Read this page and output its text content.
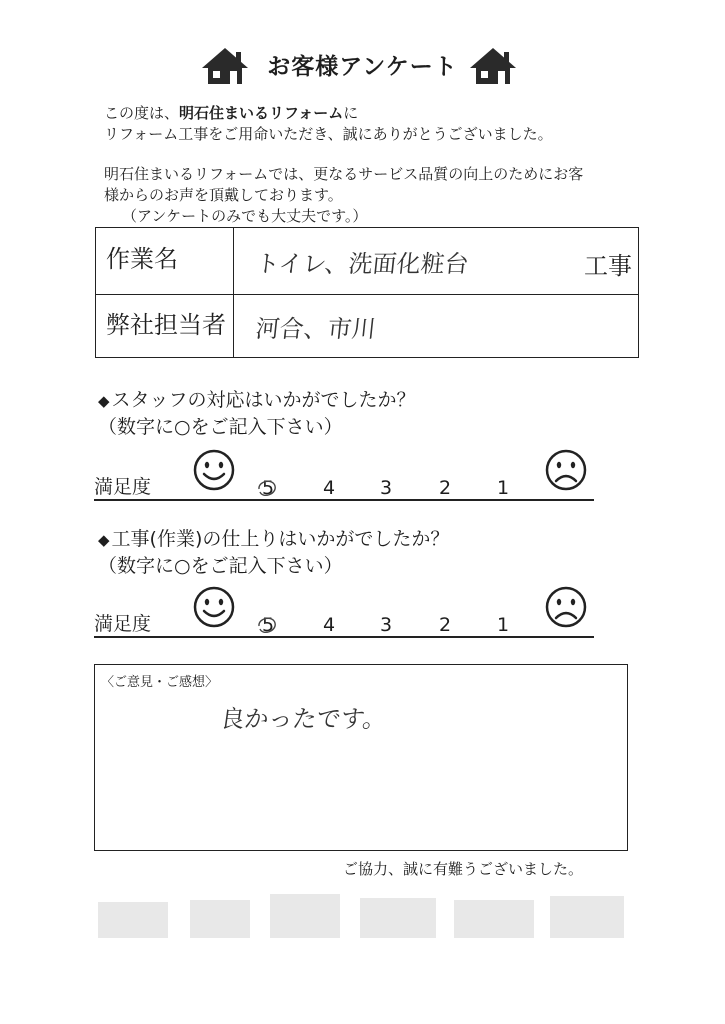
お客様アンケート
この度は、明石住まいるリフォームに
リフォーム工事をご用命いただき、誠にありがとうございました。
明石住まいるリフォームでは、更なるサービス品質の向上のためにお客
様からのお声を頂戴しております。
（アンケートのみでも大丈夫です。）
作業名	トイレ、洗面化粧台	工事
弊社担当者	河合、市川
◆ スタッフの対応はいかがでしたか？
（数字に○をご記入下さい）
満足度	5	4 3 2 1
◆ 工事(作業)の仕上りはいかがでしたか？
（数字に○をご記入下さい）
満足度	5	4 3 2 1
〈ご意見・ご感想〉
良かったです。
ご協力、誠に有難うございました。
